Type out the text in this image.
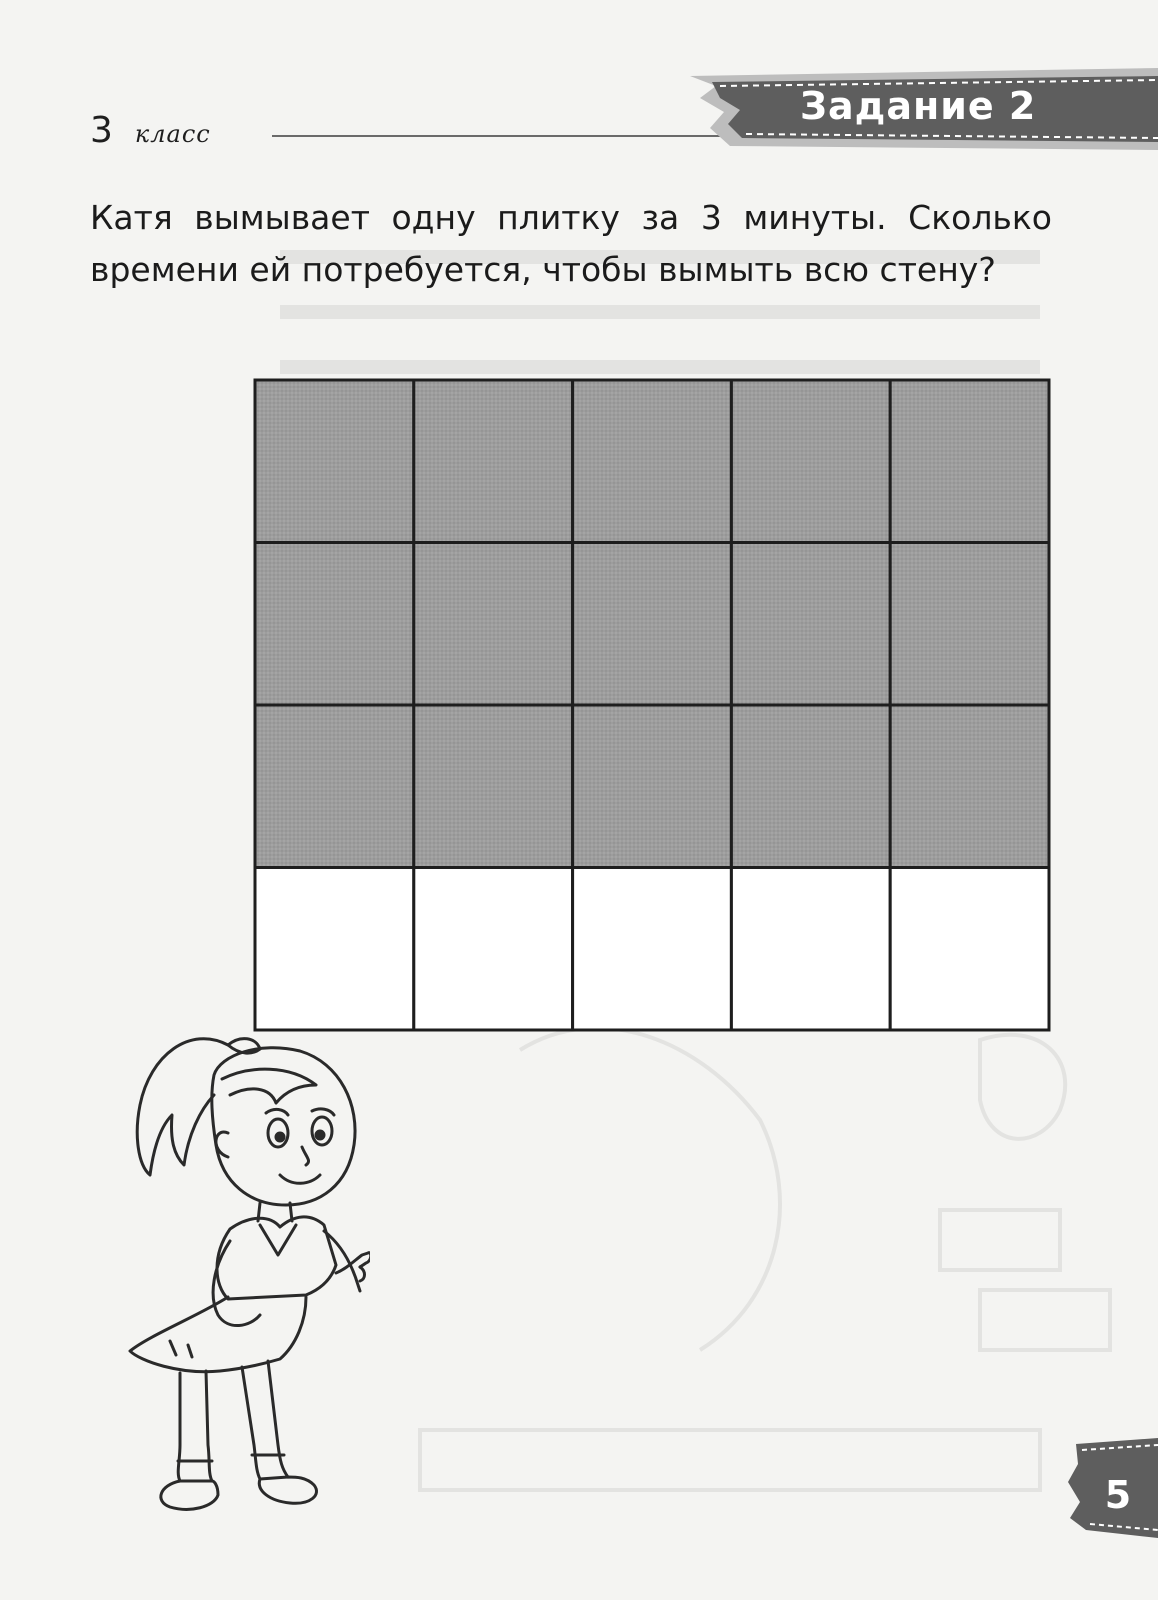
3 класс
Задание 2
Катя вымывает одну плитку за 3 минуты. Сколько времени ей потребуется, чтобы вымыть всю стену?
5
